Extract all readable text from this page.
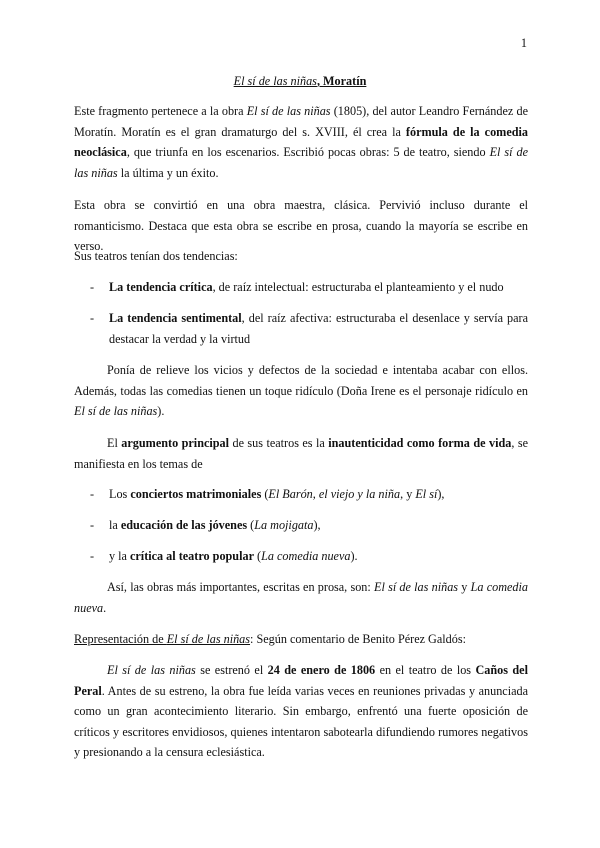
1
El sí de las niñas, Moratín
Este fragmento pertenece a la obra El sí de las niñas (1805), del autor Leandro Fernández de Moratín. Moratín es el gran dramaturgo del s. XVIII, él crea la fórmula de la comedia neoclásica, que triunfa en los escenarios. Escribió pocas obras: 5 de teatro, siendo El sí de las niñas la última y un éxito.
Esta obra se convirtió en una obra maestra, clásica. Pervivió incluso durante el romanticismo. Destaca que esta obra se escribe en prosa, cuando la mayoría se escribe en verso.
Sus teatros tenían dos tendencias:
- La tendencia crítica, de raíz intelectual: estructuraba el planteamiento y el nudo
- La tendencia sentimental, del raíz afectiva: estructuraba el desenlace y servía para destacar la verdad y la virtud
Ponía de relieve los vicios y defectos de la sociedad e intentaba acabar con ellos. Además, todas las comedias tienen un toque ridículo (Doña Irene es el personaje ridículo en El sí de las niñas).
El argumento principal de sus teatros es la inautenticidad como forma de vida, se manifiesta en los temas de
- Los conciertos matrimoniales (El Barón, el viejo y la niña, y El sí),
- la educación de las jóvenes (La mojigata),
- y la crítica al teatro popular (La comedia nueva).
Así, las obras más importantes, escritas en prosa, son: El sí de las niñas y La comedia nueva.
Representación de El sí de las niñas: Según comentario de Benito Pérez Galdós:
El sí de las niñas se estrenó el 24 de enero de 1806 en el teatro de los Caños del Peral. Antes de su estreno, la obra fue leída varias veces en reuniones privadas y anunciada como un gran acontecimiento literario. Sin embargo, enfrentó una fuerte oposición de críticos y escritores envidiosos, quienes intentaron sabotearla difundiendo rumores negativos y presionando a la censura eclesiástica.
